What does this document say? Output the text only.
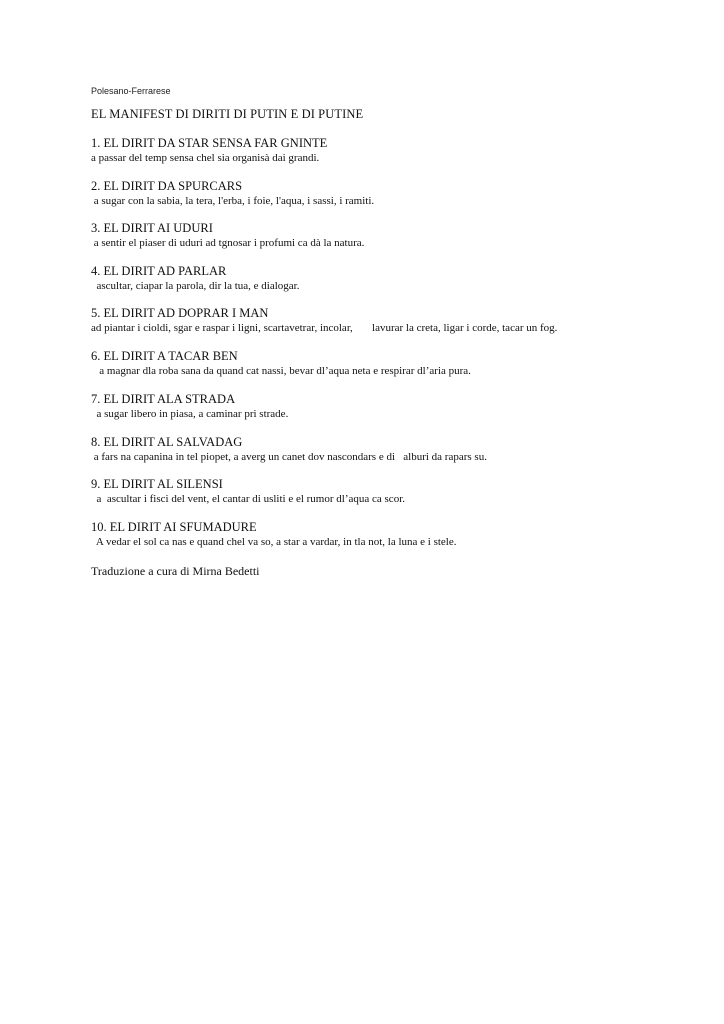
Polesano-Ferrarese
EL MANIFEST DI DIRITI DI PUTIN E DI PUTINE
1. EL DIRIT DA STAR SENSA FAR GNINTE
a passar del temp sensa chel sia organisà dai grandi.
2. EL DIRIT DA SPURCARS
a sugar con la sabia, la tera, l'erba, i foie, l'aqua, i sassi, i ramiti.
3. EL DIRIT AI UDURI
a sentir el piaser di uduri ad tgnosar i profumi ca dà la natura.
4. EL DIRIT AD PARLAR
ascultar, ciapar la parola, dir la tua, e dialogar.
5. EL DIRIT AD DOPRAR I MAN
ad piantar i cioldi, sgar e raspar i ligni, scartavetrar, incolar,       lavurar la creta, ligar i corde, tacar un fog.
6. EL DIRIT A TACAR BEN
a magnar dla roba sana da quand cat nassi, bevar dl’aqua neta e respirar dl’aria pura.
7. EL DIRIT ALA STRADA
a sugar libero in piasa, a caminar pri strade.
8. EL DIRIT AL SALVADAG
a fars na capanina in tel piopet, a averg un canet dov nascondars e di   alburi da rapars su.
9. EL DIRIT AL SILENSI
a  ascultar i fisci del vent, el cantar di usliti e el rumor dl’aqua ca scor.
10. EL DIRIT AI SFUMADURE
A vedar el sol ca nas e quand chel va so, a star a vardar, in tla not, la luna e i stele.
Traduzione a cura di Mirna Bedetti
